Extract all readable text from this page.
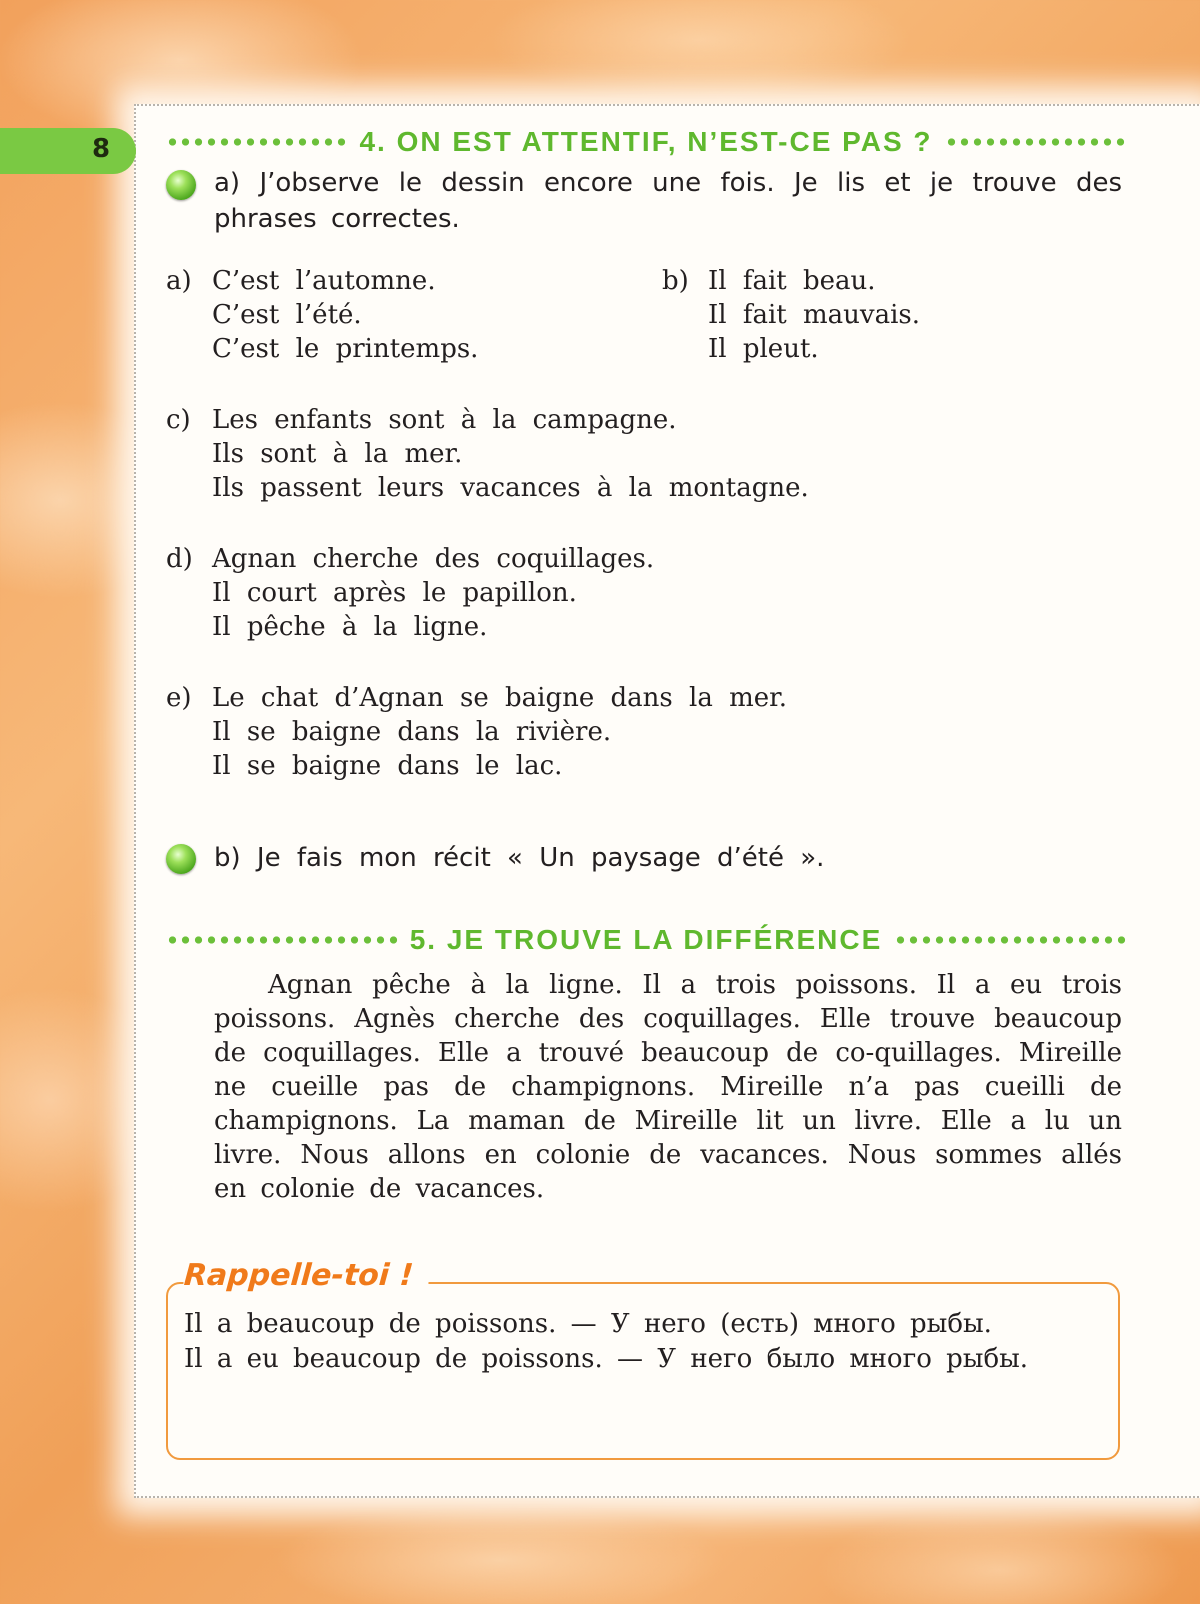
8	4. ON EST ATTENTIF, N’EST-CE PAS ?
a) J’observe le dessin encore une fois. Je lis et je trouve des phrases correctes.
a) C’est l’automne.
C’est l’été.
C’est le printemps.
b) Il fait beau.
Il fait mauvais.
Il pleut.
c) Les enfants sont à la campagne.
Ils sont à la mer.
Ils passent leurs vacances à la montagne.
d) Agnan cherche des coquillages.
Il court après le papillon.
Il pêche à la ligne.
e) Le chat d’Agnan se baigne dans la mer.
Il se baigne dans la rivière.
Il se baigne dans le lac.
b) Je fais mon récit « Un paysage d’été ».
5. JE TROUVE LA DIFFÉRENCE
Agnan pêche à la ligne. Il a trois poissons. Il a eu trois poissons. Agnès cherche des coquillages. Elle trouve beaucoup de coquillages. Elle a trouvé beaucoup de co-quillages. Mireille ne cueille pas de champignons. Mireille n’a pas cueilli de champignons. La maman de Mireille lit un livre. Elle a lu un livre. Nous allons en colonie de vacances. Nous sommes allés en colonie de vacances.
Rappelle-toi !
Il a beaucoup de poissons. — У него (есть) много рыбы.
Il a eu beaucoup de poissons. — У него было много рыбы.
